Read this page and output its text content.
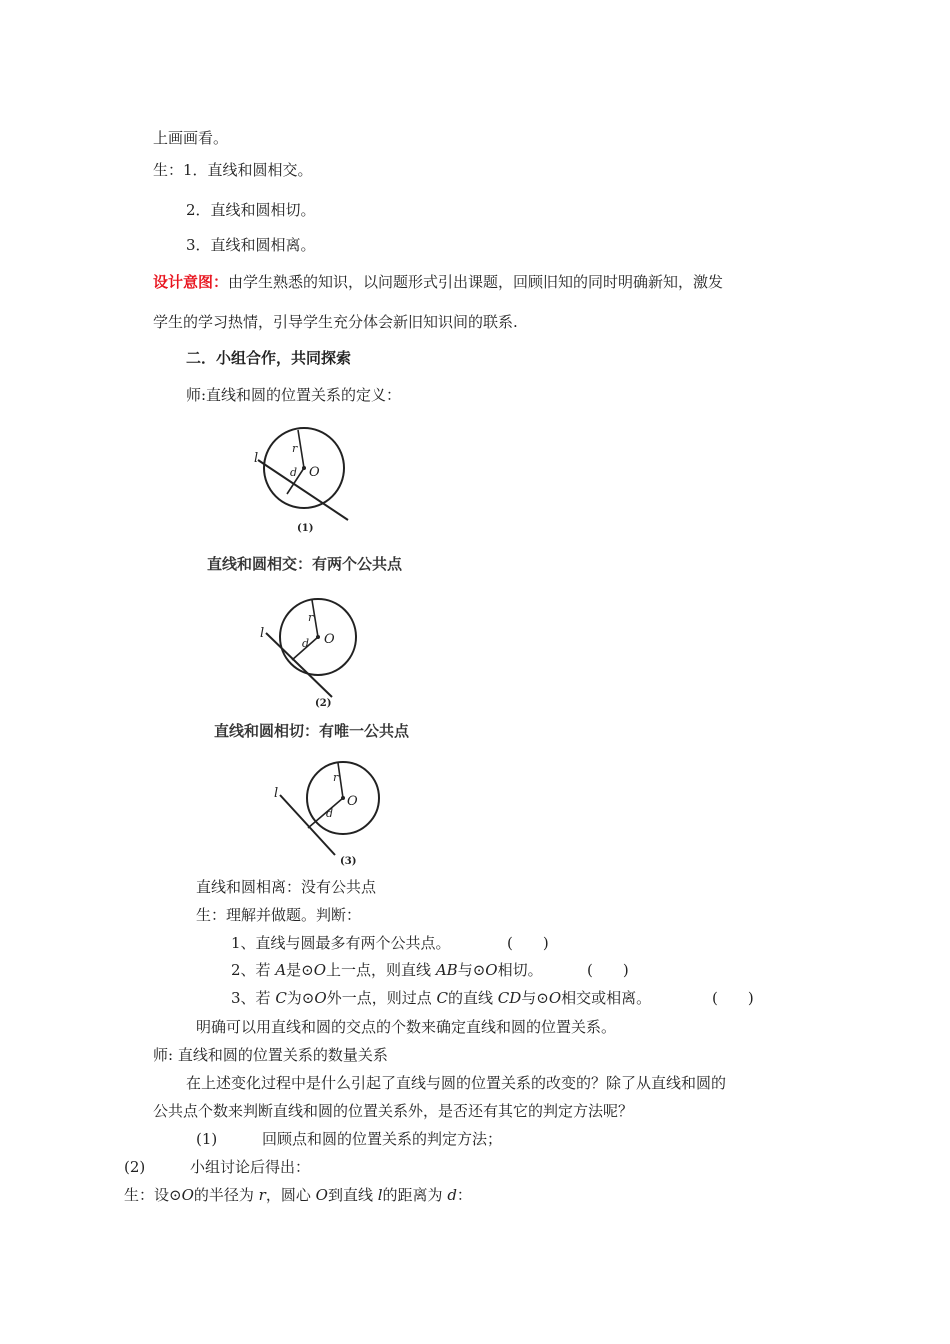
上画画看。
生：1．直线和圆相交。
2．直线和圆相切。
3．直线和圆相离。
设计意图：由学生熟悉的知识，以问题形式引出课题，回顾旧知的同时明确新知，激发
学生的学习热情，引导学生充分体会新旧知识间的联系.
二．小组合作，共同探索
师:直线和圆的位置关系的定义：
l
r
d O
(1)
直线和圆相交：有两个公共点
l
r
d O
(2)
直线和圆相切：有唯一公共点
l
r
d
O
(3)
直线和圆相离：没有公共点
生：理解并做题。判断：
1、直线与圆最多有两个公共点。	(　　)
2、若 A是⊙O上一点，则直线 AB与⊙O相切。	(　　)
3、若 C为⊙O外一点，则过点 C的直线 CD与⊙O相交或相离。	(　　)
明确可以用直线和圆的交点的个数来确定直线和圆的位置关系。
师: 直线和圆的位置关系的数量关系
在上述变化过程中是什么引起了直线与圆的位置关系的改变的？除了从直线和圆的
公共点个数来判断直线和圆的位置关系外，是否还有其它的判定方法呢？
(1)	回顾点和圆的位置关系的判定方法；
(2)	小组讨论后得出：
生：设⊙O的半径为 r，圆心 O到直线 l的距离为 d：
